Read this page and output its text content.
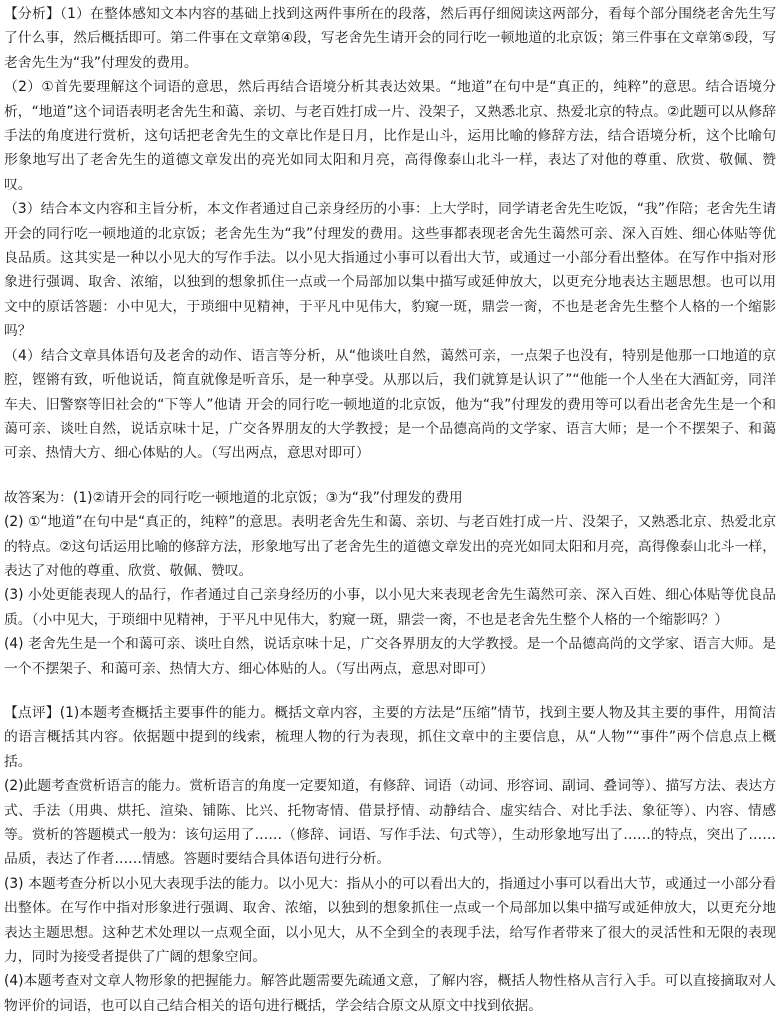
【分析】（1）在整体感知文本内容的基础上找到这两件事所在的段落，然后再仔细阅读这两部分，看每个部分围绕老舍先生写了什么事，然后概括即可。第二件事在文章第④段，写老舍先生请开会的同行吃一顿地道的北京饭；第三件事在文章第⑤段，写老舍先生为“我”付理发的费用。

（2）①首先要理解这个词语的意思，然后再结合语境分析其表达效果。“地道”在句中是“真正的，纯粹”的意思。结合语境分析，“地道”这个词语表明老舍先生和蔼、亲切、与老百姓打成一片、没架子，又熟悉北京、热爱北京的特点。②此题可以从修辞手法的角度进行赏析，这句话把老舍先生的文章比作是日月，比作是山斗，运用比喻的修辞方法，结合语境分析，这个比喻句形象地写出了老舍先生的道德文章发出的亮光如同太阳和月亮，高得像泰山北斗一样，表达了对他的尊重、欣赏、敬佩、赞叹。

（3）结合本文内容和主旨分析，本文作者通过自己亲身经历的小事：上大学时，同学请老舍先生吃饭，“我”作陪；老舍先生请开会的同行吃一顿地道的北京饭；老舍先生为“我”付理发的费用。这些事都表现老舍先生蔼然可亲、深入百姓、细心体贴等优良品质。这其实是一种以小见大的写作手法。以小见大指通过小事可以看出大节，或通过一小部分看出整体。在写作中指对形象进行强调、取舍、浓缩，以独到的想象抓住一点或一个局部加以集中描写或延伸放大，以更充分地表达主题思想。也可以用文中的原话答题：小中见大，于琐细中见精神，于平凡中见伟大，豹窥一斑，鼎尝一脔，不也是老舍先生整个人格的一个缩影吗？

（4）结合文章具体语句及老舍的动作、语言等分析，从“他谈吐自然，蔼然可亲，一点架子也没有，特别是他那一口地道的京腔，铿锵有致，听他说话，简直就像是听音乐，是一种享受。从那以后，我们就算是认识了”“他能一个人坐在大酒缸旁，同洋车夫、旧警察等旧社会的“下等人”他请 开会的同行吃一顿地道的北京饭，他为“我”付理发的费用等可以看出老舍先生是一个和蔼可亲、谈吐自然，说话京味十足，广交各界朋友的大学教授；是一个品德高尚的文学家、语言大师；是一个不摆架子、和蔼可亲、热情大方、细心体贴的人。（写出两点，意思对即可）

故答案为：(1)②请开会的同行吃一顿地道的北京饭；③为“我”付理发的费用

(2) ①“地道”在句中是“真正的，纯粹”的意思。表明老舍先生和蔼、亲切、与老百姓打成一片、没架子，又熟悉北京、热爱北京的特点。②这句话运用比喻的修辞方法，形象地写出了老舍先生的道德文章发出的亮光如同太阳和月亮，高得像泰山北斗一样，表达了对他的尊重、欣赏、敬佩、赞叹。

(3) 小处更能表现人的品行，作者通过自己亲身经历的小事，以小见大来表现老舍先生蔼然可亲、深入百姓、细心体贴等优良品质。（小中见大，于琐细中见精神，于平凡中见伟大，豹窥一斑，鼎尝一脔，不也是老舍先生整个人格的一个缩影吗？）

(4) 老舍先生是一个和蔼可亲、谈吐自然，说话京味十足，广交各界朋友的大学教授。是一个品德高尚的文学家、语言大师。是一个不摆架子、和蔼可亲、热情大方、细心体贴的人。（写出两点，意思对即可）

【点评】(1)本题考查概括主要事件的能力。概括文章内容，主要的方法是“压缩”情节，找到主要人物及其主要的事件，用简洁的语言概括其内容。依据题中提到的线索，梳理人物的行为表现，抓住文章中的主要信息，从“人物”“事件”两个信息点上概括。

(2)此题考查赏析语言的能力。赏析语言的角度一定要知道，有修辞、词语（动词、形容词、副词、叠词等）、描写方法、表达方式、手法（用典、烘托、渲染、铺陈、比兴、托物寄情、借景抒情、动静结合、虚实结合、对比手法、象征等）、内容、情感等。赏析的答题模式一般为：该句运用了……（修辞、词语、写作手法、句式等），生动形象地写出了……的特点，突出了……品质，表达了作者……情感。答题时要结合具体语句进行分析。

(3) 本题考查分析以小见大表现手法的能力。以小见大：指从小的可以看出大的，指通过小事可以看出大节，或通过一小部分看出整体。在写作中指对形象进行强调、取舍、浓缩，以独到的想象抓住一点或一个局部加以集中描写或延伸放大，以更充分地表达主题思想。这种艺术处理以一点观全面，以小见大，从不全到全的表现手法，给写作者带来了很大的灵活性和无限的表现力，同时为接受者提供了广阔的想象空间。

(4)本题考查对文章人物形象的把握能力。解答此题需要先疏通文意，了解内容，概括人物性格从言行入手。可以直接摘取对人物评价的词语，也可以自己结合相关的语句进行概括，学会结合原文从原文中找到依据。
